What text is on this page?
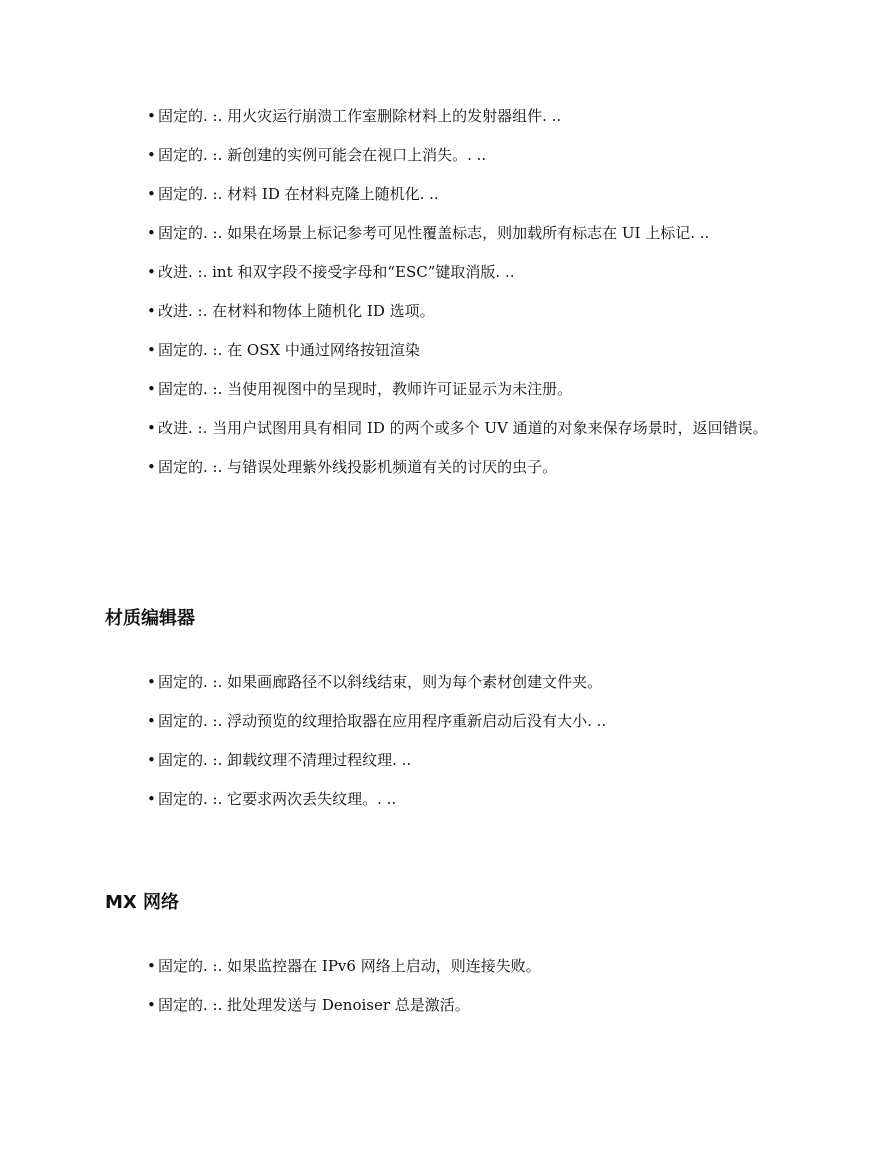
• 固定的. :. 用火灾运行崩溃工作室删除材料上的发射器组件. ..
• 固定的. :. 新创建的实例可能会在视口上消失。. ..
• 固定的. :. 材料 ID 在材料克隆上随机化. ..
• 固定的. :. 如果在场景上标记参考可见性覆盖标志，则加载所有标志在 UI 上标记. ..
• 改进. :. int 和双字段不接受字母和“ESC”键取消版. ..
• 改进. :. 在材料和物体上随机化 ID 选项。
• 固定的. :. 在 OSX 中通过网络按钮渲染
• 固定的. :. 当使用视图中的呈现时，教师许可证显示为未注册。
• 改进. :. 当用户试图用具有相同 ID 的两个或多个 UV 通道的对象来保存场景时，返回错误。
• 固定的. :. 与错误处理紫外线投影机频道有关的讨厌的虫子。
材质编辑器
• 固定的. :. 如果画廊路径不以斜线结束，则为每个素材创建文件夹。
• 固定的. :. 浮动预览的纹理拾取器在应用程序重新启动后没有大小. ..
• 固定的. :. 卸载纹理不清理过程纹理. ..
• 固定的. :. 它要求两次丢失纹理。. ..
MX 网络
• 固定的. :. 如果监控器在 IPv6 网络上启动，则连接失败。
• 固定的. :. 批处理发送与 Denoiser 总是激活。
